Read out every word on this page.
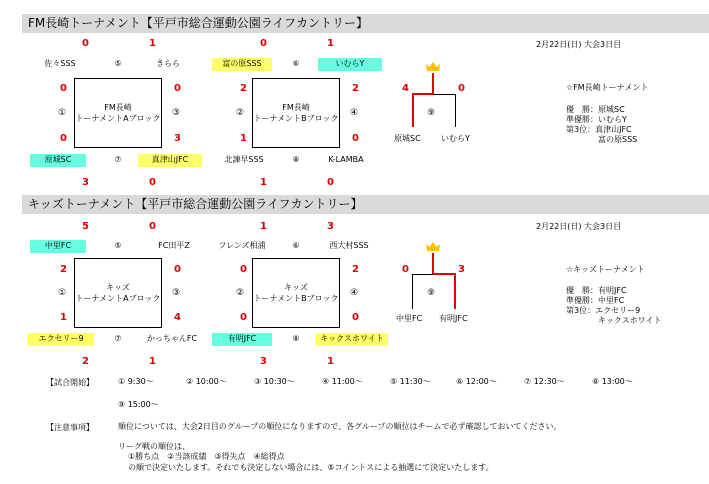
FM長崎トーナメント【平戸市総合運動公園ライフカントリー】
2月22日(日) 大会3日目
0	1	0	1
佐々SSS	⑤	きらら	富の原SSS	⑥	いむらY
0
0
0
3
2
1
2
0
①	③	②	④
FM長崎
トーナメントAブロック
FM長崎
トーナメントBブロック
原城SC	⑦	真津山JFC	北諫早SSS	⑧	K-LAMBA
3	0	1	0
4	0
⑨
原城SC	いむらY
☆FM長崎トーナメント
優　勝：原城SC
準優勝：いむらY
第3位：真津山JFC
富の原SSS
キッズトーナメント【平戸市総合運動公園ライフカントリー】
2月22日(日) 大会3日目
5	0	1	3
中里FC	⑤	FC田平Z	フレンズ相浦	⑥	西大村SSS
2
1
0
4
0
0
2
0
①	③	②	④
キッズ
トーナメントAブロック
キッズ
トーナメントBブロック
エクセリー9	⑦	かっちゃんFC	有明JFC	⑧	キックスホワイト
2	1	3	1
0	3
⑨
中里FC 有明JFC
☆キッズトーナメント
優　勝：有明JFC
準優勝：中里FC
第3位：エクセリー9
キックスホワイト
【試合開始】	① 9:30～	② 10:00～	③ 10:30～	④ 11:00～	⑤ 11:30～	⑥ 12:00～	⑦ 12:30～	⑧ 13:00～
⑨ 15:00～
【注意事項】	順位については、大会2日目のグループの順位になりますので、各グループの順位はチームで必ず確認しておいてください。
リーグ戦の順位は、
①勝ち点　②当該成績　③得失点　④総得点
の順で決定いたします。それでも決定しない場合には、⑤コイントスによる抽選にて決定いたします。
